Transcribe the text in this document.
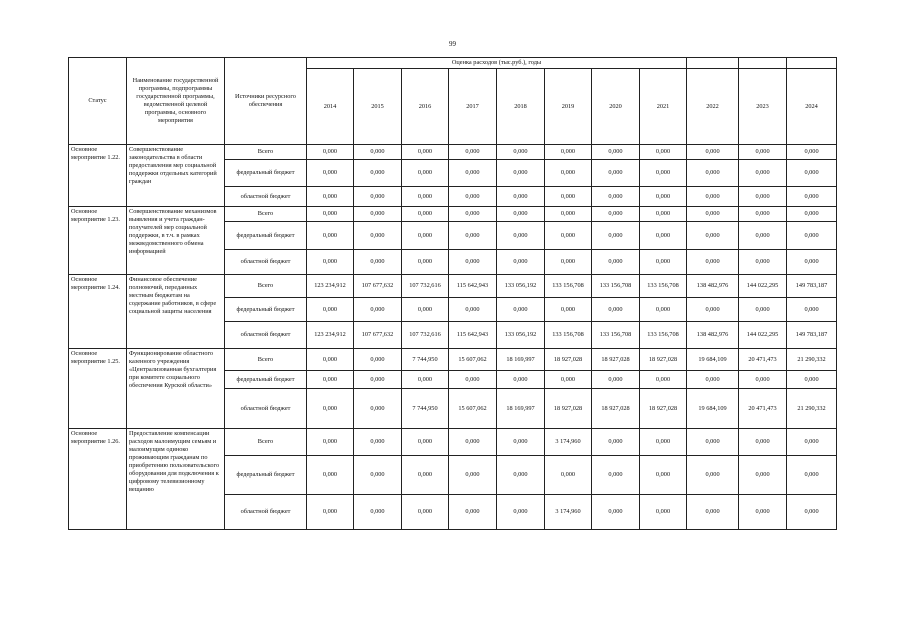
99
Статус	Наименование государственной программы, подпрограммы государственной программы, ведомственной целевой программы, основного мероприятия	Источники ресурсного обеспечения	Оценка расходов (тыс.руб.), годы										
			2014	2015	2016	2017	2018	2019	2020	2021	2022	2023	2024
Основное мероприятие 1.22.	Совершенствование законодательства в области предоставления мер социальной поддержки отдельных категорий граждан	Всего	0,000	0,000	0,000	0,000	0,000	0,000	0,000	0,000	0,000	0,000	0,000
		федеральный бюджет	0,000	0,000	0,000	0,000	0,000	0,000	0,000	0,000	0,000	0,000	0,000
		областной бюджет	0,000	0,000	0,000	0,000	0,000	0,000	0,000	0,000	0,000	0,000	0,000
Основное мероприятие 1.23.	Совершенствование механизмов выявления и учета граждан-получателей мер социальной поддержки, в т.ч. в рамках межведомственного обмена информацией	Всего	0,000	0,000	0,000	0,000	0,000	0,000	0,000	0,000	0,000	0,000	0,000
		федеральный бюджет	0,000	0,000	0,000	0,000	0,000	0,000	0,000	0,000	0,000	0,000	0,000
		областной бюджет	0,000	0,000	0,000	0,000	0,000	0,000	0,000	0,000	0,000	0,000	0,000
Основное мероприятие 1.24.	Финансовое обеспечение полномочий, переданных местным бюджетам на содержание работников, в сфере социальной защиты населения	Всего	123 234,912	107 677,632	107 732,616	115 642,943	133 056,192	133 156,708	133 156,708	133 156,708	138 482,976	144 022,295	149 783,187
		федеральный бюджет	0,000	0,000	0,000	0,000	0,000	0,000	0,000	0,000	0,000	0,000	0,000
		областной бюджет	123 234,912	107 677,632	107 732,616	115 642,943	133 056,192	133 156,708	133 156,708	133 156,708	138 482,976	144 022,295	149 783,187
Основное мероприятие 1.25.	Функционирование областного казенного учреждения «Централизованная бухгалтерия при комитете социального обеспечения Курской области»	Всего	0,000	0,000	7 744,950	15 607,062	18 169,997	18 927,028	18 927,028	18 927,028	19 684,109	20 471,473	21 290,332
		федеральный бюджет	0,000	0,000	0,000	0,000	0,000	0,000	0,000	0,000	0,000	0,000	0,000
		областной бюджет	0,000	0,000	7 744,950	15 607,062	18 169,997	18 927,028	18 927,028	18 927,028	19 684,109	20 471,473	21 290,332
Основное мероприятие 1.26.	Предоставление компенсации расходов малоимущим семьям и малоимущим одиноко проживающим гражданам по приобретению пользовательского оборудования для подключения к цифровому телевизионному вещанию	Всего	0,000	0,000	0,000	0,000	0,000	3 174,960	0,000	0,000	0,000	0,000	0,000
		федеральный бюджет	0,000	0,000	0,000	0,000	0,000	0,000	0,000	0,000	0,000	0,000	0,000
		областной бюджет	0,000	0,000	0,000	0,000	0,000	3 174,960	0,000	0,000	0,000	0,000	0,000
